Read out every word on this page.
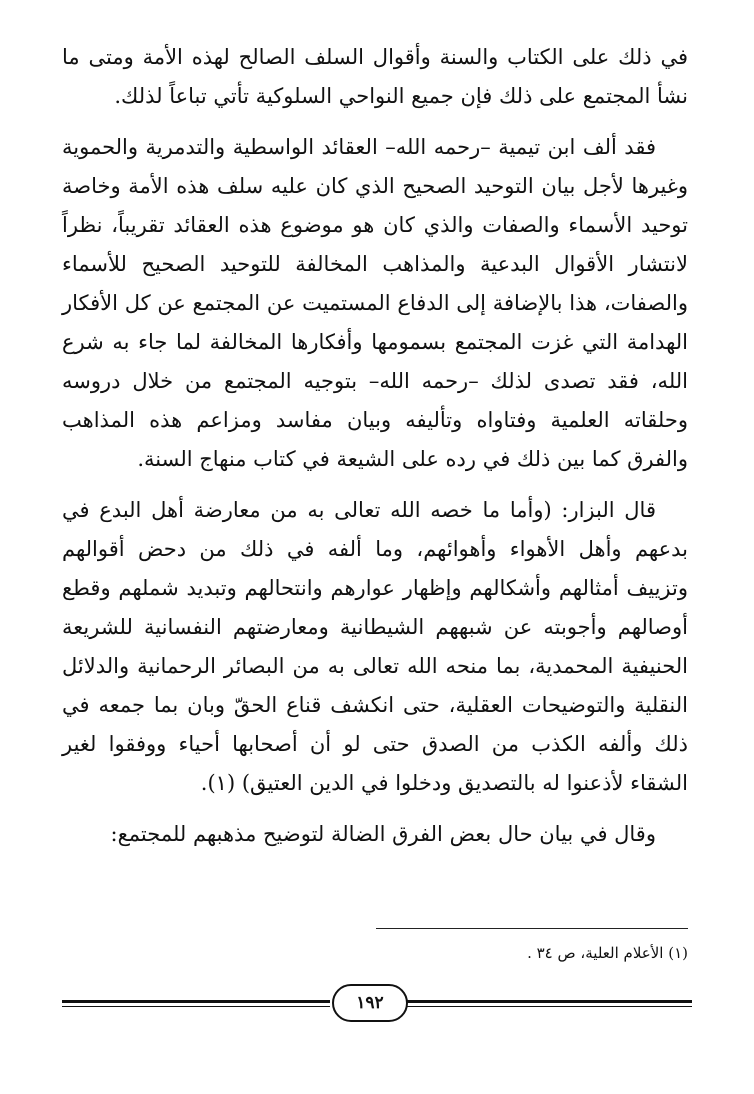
في ذلك على الكتاب والسنة وأقوال السلف الصالح لهذه الأمة ومتى ما نشأ المجتمع على ذلك فإن جميع النواحي السلوكية تأتي تباعاً لذلك.

فقد ألف ابن تيمية –رحمه الله– العقائد الواسطية والتدمرية والحموية وغيرها لأجل بيان التوحيد الصحيح الذي كان عليه سلف هذه الأمة وخاصة توحيد الأسماء والصفات والذي كان هو موضوع هذه العقائد تقريباً، نظراً لانتشار الأقوال البدعية والمذاهب المخالفة للتوحيد الصحيح للأسماء والصفات، هذا بالإضافة إلى الدفاع المستميت عن المجتمع عن كل الأفكار الهدامة التي غزت المجتمع بسمومها وأفكارها المخالفة لما جاء به شرع الله، فقد تصدى لذلك –رحمه الله– بتوجيه المجتمع من خلال دروسه وحلقاته العلمية وفتاواه وتأليفه وبيان مفاسد ومزاعم هذه المذاهب والفرق كما بين ذلك في رده على الشيعة في كتاب منهاج السنة.

قال البزار: (وأما ما خصه الله تعالى به من معارضة أهل البدع في بدعهم وأهل الأهواء وأهوائهم، وما ألفه في ذلك من دحض أقوالهم وتزييف أمثالهم وأشكالهم وإظهار عوارهم وانتحالهم وتبديد شملهم وقطع أوصالهم وأجوبته عن شبههم الشيطانية ومعارضتهم النفسانية للشريعة الحنيفية المحمدية، بما منحه الله تعالى به من البصائر الرحمانية والدلائل النقلية والتوضيحات العقلية، حتى انكشف قناع الحقّ وبان بما جمعه في ذلك وألفه الكذب من الصدق حتى لو أن أصحابها أحياء ووفقوا لغير الشقاء لأذعنوا له بالتصديق ودخلوا في الدين العتيق) (١).

وقال في بيان حال بعض الفرق الضالة لتوضيح مذهبهم للمجتمع:

(١) الأعلام العلية، ص ٣٤ .
١٩٢
